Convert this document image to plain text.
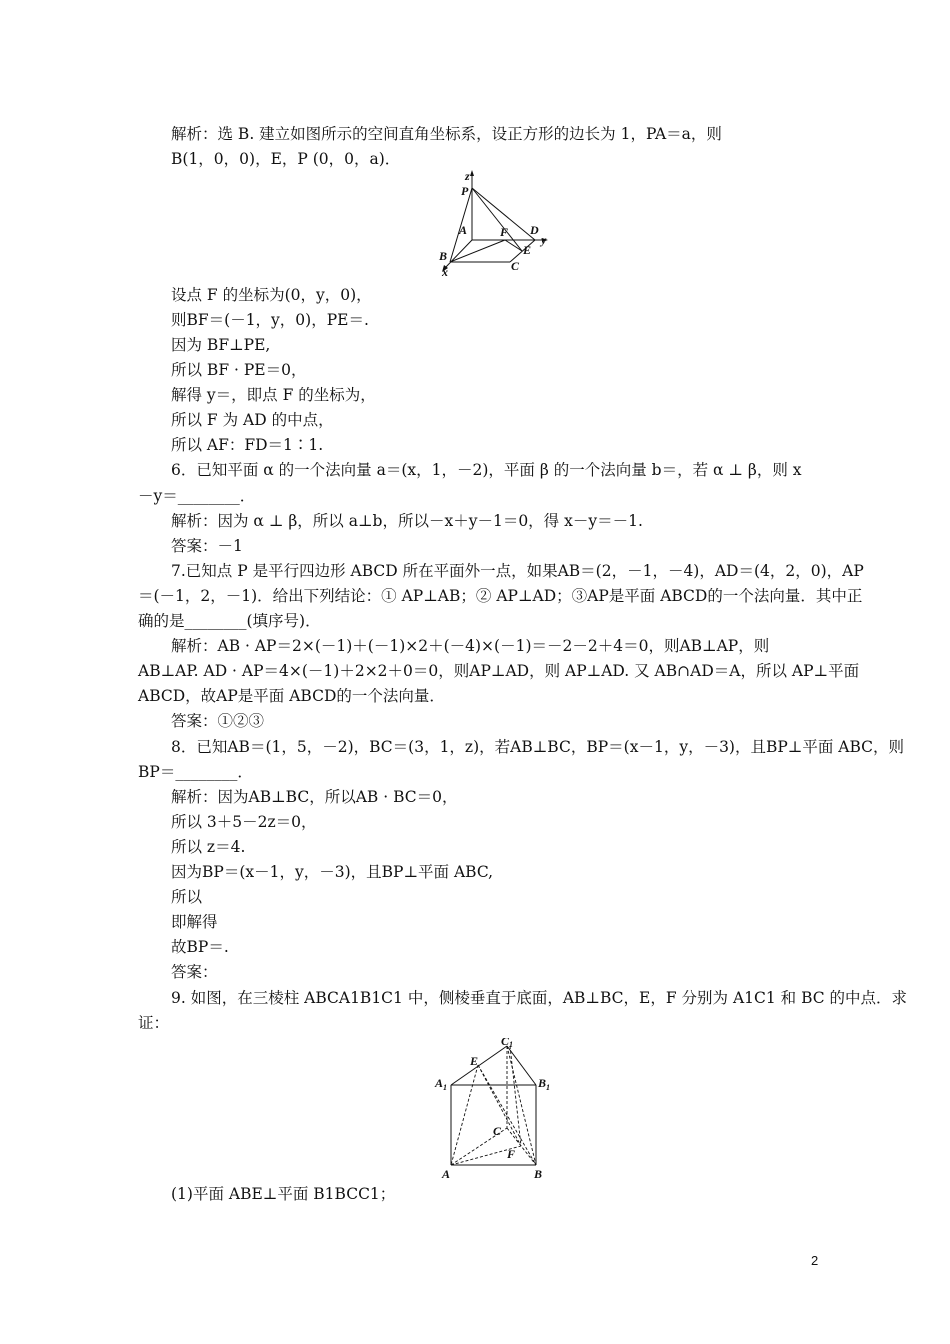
解析：选 B. 建立如图所示的空间直角坐标系，设正方形的边长为 1，PA＝a，则
B(1，0，0)，E，P (0，0，a)．
z
P
A	D
y
F
E
B
C
x
设点 F 的坐标为(0，y，0)，
则BF＝(－1，y，0)，PE＝.
因为 BF⊥PE,
所以 BF · PE＝0，
解得 y＝，即点 F 的坐标为，
所以 F 为 AD 的中点，
所以 AF：FD＝1∶1.
6．已知平面 α 的一个法向量 a＝(x，1，－2)，平面 β 的一个法向量 b＝，若 α ⊥ β，则 x
－y＝________．
解析：因为 α ⊥ β，所以 a⊥b，所以－x＋y－1＝0，得 x－y＝－1.
答案：－1
7.已知点 P 是平行四边形 ABCD 所在平面外一点，如果AB＝(2，－1，－4)，AD＝(4，2，0)，AP
＝(－1，2，－1)．给出下列结论：① AP⊥AB；② AP⊥AD；③AP是平面 ABCD的一个法向量．其中正
确的是________(填序号)．
解析：AB · AP＝2×(－1)＋(－1)×2＋(－4)×(－1)＝－2－2＋4＝0，则AB⊥AP，则
AB⊥AP. AD · AP＝4×(－1)＋2×2＋0＝0，则AP⊥AD，则 AP⊥AD. 又 AB∩AD＝A，所以 AP⊥平面
ABCD，故AP是平面 ABCD的一个法向量．
答案：①②③
8．已知AB＝(1，5，－2)，BC＝(3，1，z)，若AB⊥BC，BP＝(x－1，y，－3)，且BP⊥平面 ABC，则
BP＝________．
解析：因为AB⊥BC，所以AB · BC＝0，
所以 3＋5－2z＝0，
所以 z＝4.
因为BP＝(x－1，y，－3)，且BP⊥平面 ABC,
所以
即解得
故BP＝.
答案：
9. 如图，在三棱柱 ABCA1B1C1 中，侧棱垂直于底面，AB⊥BC，E，F 分别为 A1C1 和 BC 的中点．求
证：
C 1
E
A 1	B 1
C
F
A	B
(1)平面 ABE⊥平面 B1BCC1；
2
